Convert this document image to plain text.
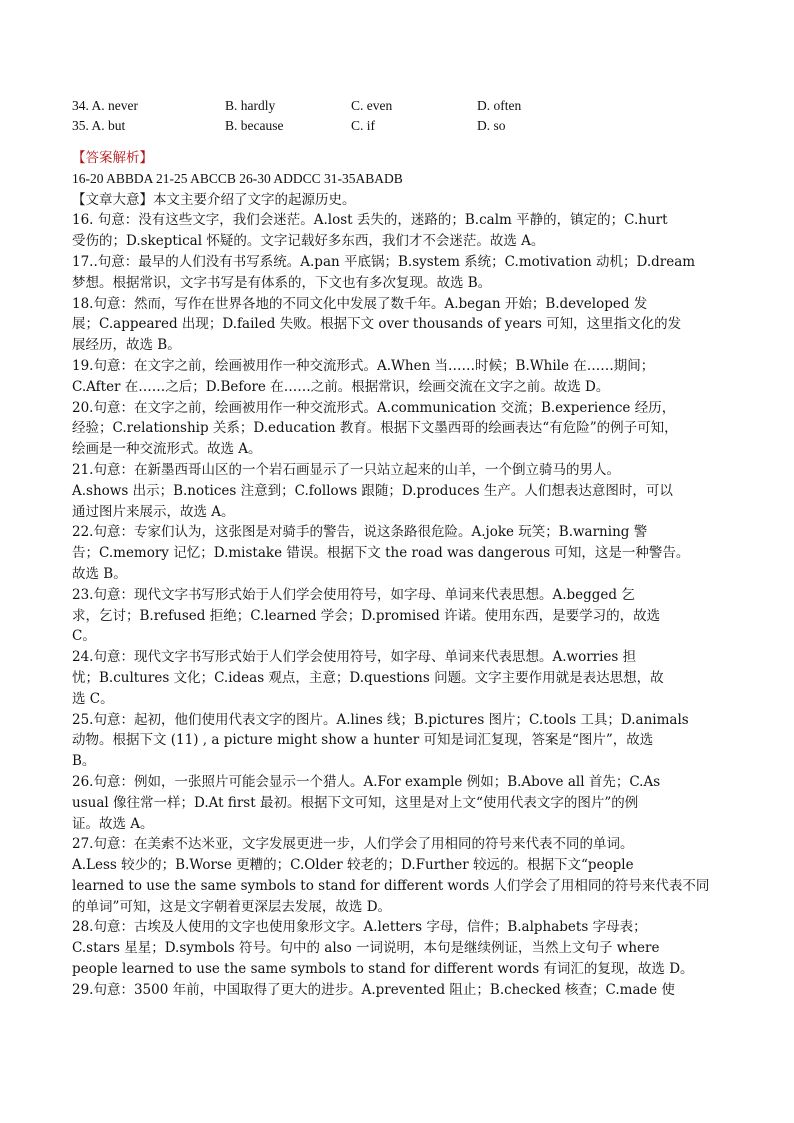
34. A. never	B. hardly	C. even	D. often
35. A. but	B. because	C. if	D. so
【答案解析】
16-20 ABBDA 21-25 ABCCB 26-30 ADDCC 31-35ABADB
【文章大意】本文主要介绍了文字的起源历史。
16. 句意：没有这些文字，我们会迷茫。A.lost 丢失的，迷路的；B.calm 平静的，镇定的；C.hurt
受伤的；D.skeptical 怀疑的。文字记载好多东西，我们才不会迷茫。故选 A。
17..句意：最早的人们没有书写系统。A.pan 平底锅；B.system 系统；C.motivation 动机；D.dream
梦想。根据常识，文字书写是有体系的，下文也有多次复现。故选 B。
18.句意：然而，写作在世界各地的不同文化中发展了数千年。A.began 开始；B.developed 发
展；C.appeared 出现；D.failed 失败。根据下文 over thousands of years 可知，这里指文化的发
展经历，故选 B。
19.句意：在文字之前，绘画被用作一种交流形式。A.When 当……时候；B.While 在……期间；
C.After 在……之后；D.Before 在……之前。根据常识，绘画交流在文字之前。故选 D。
20.句意：在文字之前，绘画被用作一种交流形式。A.communication 交流；B.experience 经历，
经验；C.relationship 关系；D.education 教育。根据下文墨西哥的绘画表达“有危险”的例子可知，
绘画是一种交流形式。故选 A。
21.句意：在新墨西哥山区的一个岩石画显示了一只站立起来的山羊，一个倒立骑马的男人。
A.shows 出示；B.notices 注意到；C.follows 跟随；D.produces 生产。人们想表达意图时，可以
通过图片来展示，故选 A。
22.句意：专家们认为，这张图是对骑手的警告，说这条路很危险。A.joke 玩笑；B.warning 警
告；C.memory 记忆；D.mistake 错误。根据下文 the road was dangerous 可知，这是一种警告。
故选 B。
23.句意：现代文字书写形式始于人们学会使用符号，如字母、单词来代表思想。A.begged 乞
求，乞讨；B.refused 拒绝；C.learned 学会；D.promised 许诺。使用东西，是要学习的，故选
C。
24.句意：现代文字书写形式始于人们学会使用符号，如字母、单词来代表思想。A.worries 担
忧；B.cultures 文化；C.ideas 观点，主意；D.questions 问题。文字主要作用就是表达思想，故
选 C。
25.句意：起初，他们使用代表文字的图片。A.lines 线；B.pictures 图片；C.tools 工具；D.animals
动物。根据下文 (11) , a picture might show a hunter 可知是词汇复现，答案是“图片”，故选
B。
26.句意：例如，一张照片可能会显示一个猎人。A.For example 例如；B.Above all 首先；C.As
usual 像往常一样；D.At first 最初。根据下文可知，这里是对上文“使用代表文字的图片”的例
证。故选 A。
27.句意：在美索不达米亚，文字发展更进一步，人们学会了用相同的符号来代表不同的单词。
A.Less 较少的；B.Worse 更糟的；C.Older 较老的；D.Further 较远的。根据下文“people
learned to use the same symbols to stand for different words 人们学会了用相同的符号来代表不同
的单词”可知，这是文字朝着更深层去发展，故选 D。
28.句意：古埃及人使用的文字也使用象形文字。A.letters 字母，信件；B.alphabets 字母表；
C.stars 星星；D.symbols 符号。句中的 also 一词说明，本句是继续例证，当然上文句子 where
people learned to use the same symbols to stand for different words 有词汇的复现，故选 D。
29.句意：3500 年前，中国取得了更大的进步。A.prevented 阻止；B.checked 核查；C.made 使
